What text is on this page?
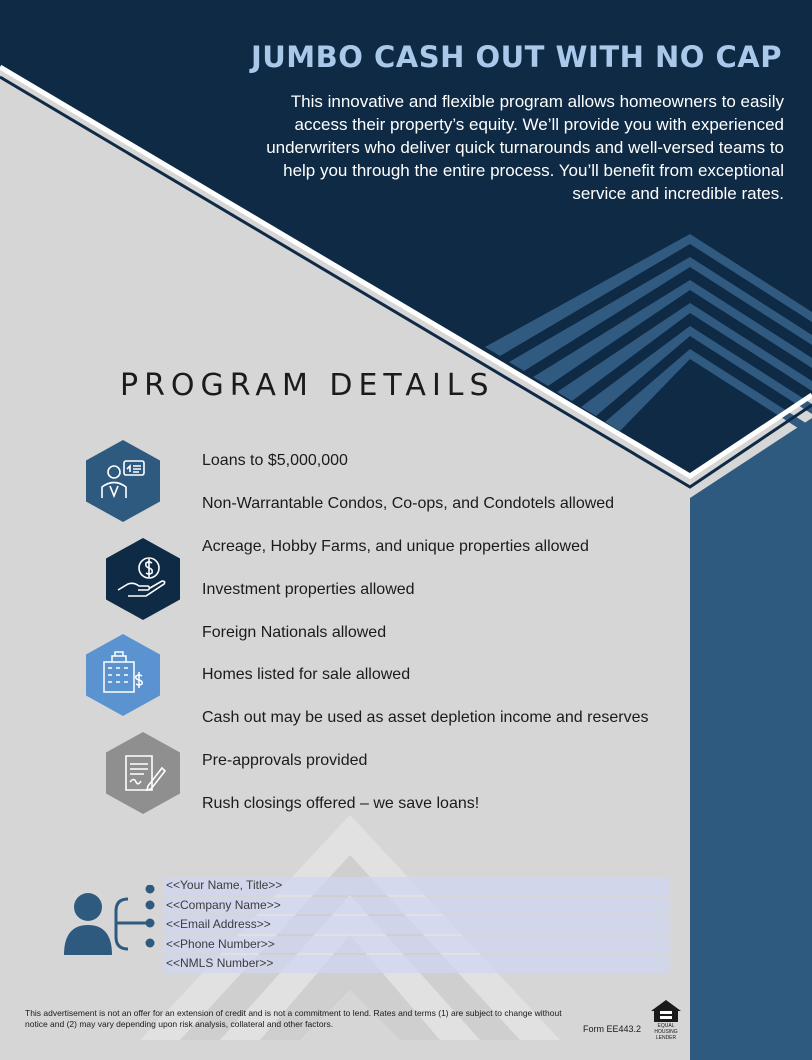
JUMBO CASH OUT WITH NO CAP

This innovative and flexible program allows homeowners to easily access their property’s equity. We’ll provide you with experienced underwriters who deliver quick turnarounds and well-versed teams to help you through the entire process. You’ll benefit from exceptional service and incredible rates.

PROGRAM DETAILS
Loans to $5,000,000
Non-Warrantable Condos, Co-ops, and Condotels allowed
Acreage, Hobby Farms, and unique properties allowed
Investment properties allowed
Foreign Nationals allowed
Homes listed for sale allowed
Cash out may be used as asset depletion income and reserves
Pre-approvals provided
Rush closings offered – we save loans!
<<Your Name, Title>>
<<Company Name>>
<<Email Address>>
<<Phone Number>>
<<NMLS Number>>

This advertisement is not an offer for an extension of credit and is not a commitment to lend. Rates and terms (1) are subject to change without notice and (2) may vary depending upon risk analysis, collateral and other factors.	Form EE443.2	EQUAL HOUSING LENDER
